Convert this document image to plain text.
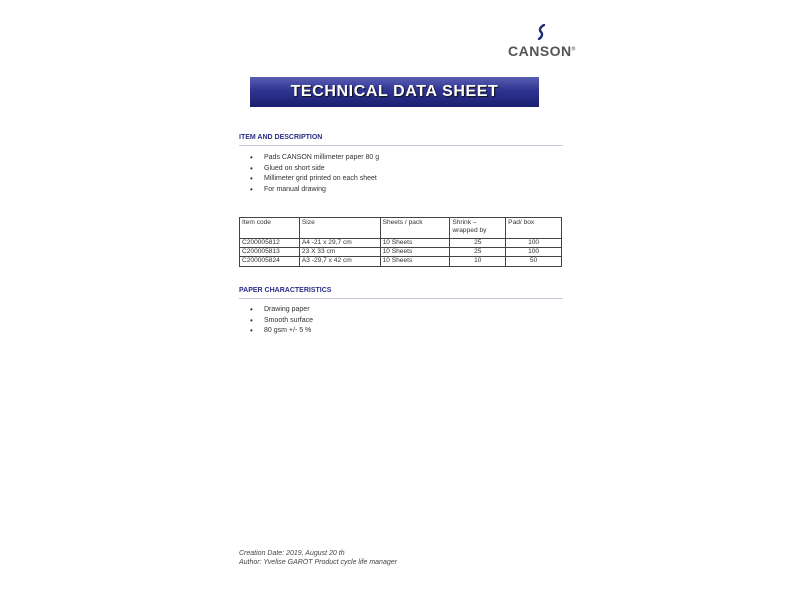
CANSON®
TECHNICAL DATA SHEET
ITEM AND DESCRIPTION
• Pads CANSON millimeter paper 80 g
• Glued on short side
• Millimeter grid printed on each sheet
• For manual drawing
Item code	Size	Sheets / pack	Shrink – wrapped by	Pad/ box
C200005812	A4 -21 x 29,7 cm	10 Sheets	25	100
C200005813	23 X 33 cm	10 Sheets	25	100
C200005824	A3 -29,7 x 42 cm	10 Sheets	10	50
PAPER CHARACTERISTICS
• Drawing paper
• Smooth surface
• 80 gsm +/- 5 %
Creation Date: 2019, August 20 th
Author: Yvelise GAROT Product cycle life manager
